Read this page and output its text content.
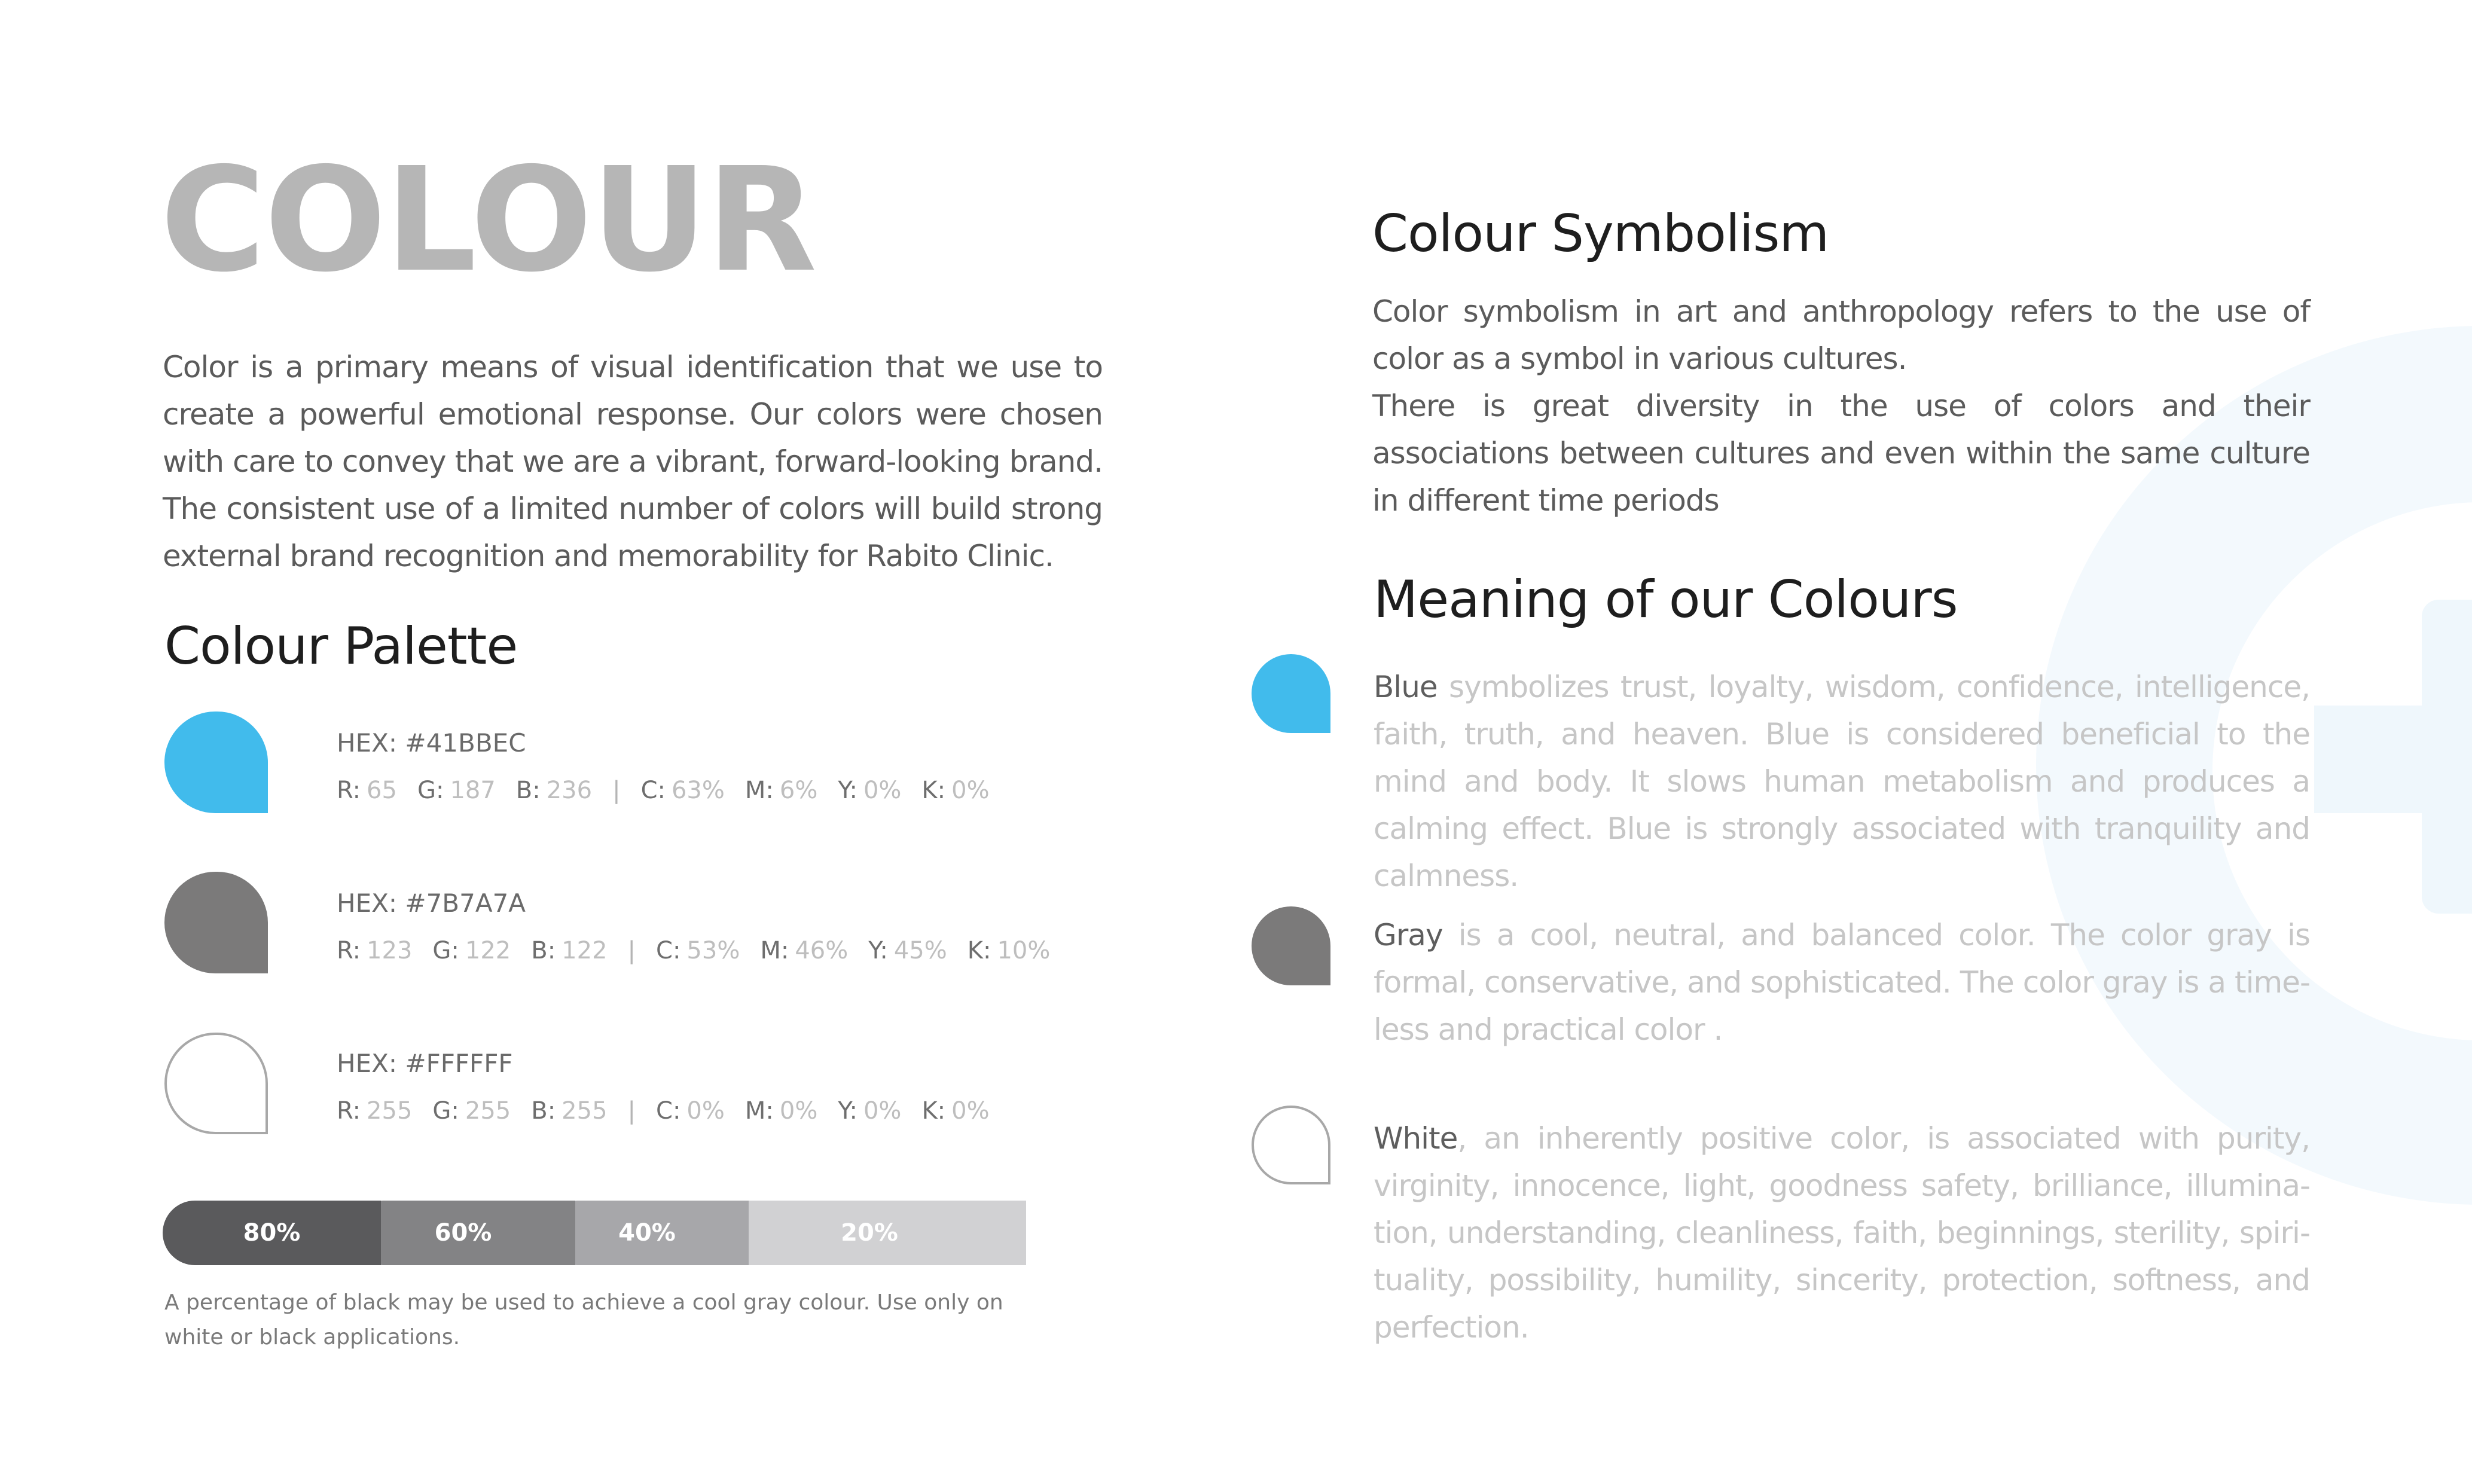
COLOUR
Color is a primary means of visual identification that we use to create a powerful emotional response. Our colors were chosen with care to convey that we are a vibrant, forward-looking brand. The consistent use of a limited number of colors will build strong external brand recognition and memorability for Rabito Clinic.
Colour Palette
HEX: #41BBEC
R: 65 G: 187 B: 236 | C: 63% M: 6% Y: 0% K: 0%
HEX: #7B7A7A
R: 123 G: 122 B: 122 | C: 53% M: 46% Y: 45% K: 10%
HEX: #FFFFFF
R: 255 G: 255 B: 255 | C: 0% M: 0% Y: 0% K: 0%
20%
40%
60%
80%
A percentage of black may be used to achieve a cool gray colour. Use only on white or black applications.
Colour Symbolism
Color symbolism in art and anthropology refers to the use of color as a symbol in various cultures.
There is great diversity in the use of colors and their associations between cultures and even within the same culture in different time periods
Meaning of our Colours
Blue symbolizes trust, loyalty, wisdom, confidence, intelligence, faith, truth, and heaven. Blue is considered beneficial to the mind and body. It slows human metabolism and produces a calming effect. Blue is strongly associated with tranquility and calmness.
Gray is a cool, neutral, and balanced color. The color gray is formal, conservative, and sophisticated. The color gray is a time-less and practical color .
White, an inherently positive color, is associated with purity, virginity, innocence, light, goodness safety, brilliance, illumina-tion, understanding, cleanliness, faith, beginnings, sterility, spiri-tuality, possibility, humility, sincerity, protection, softness, and perfection.
